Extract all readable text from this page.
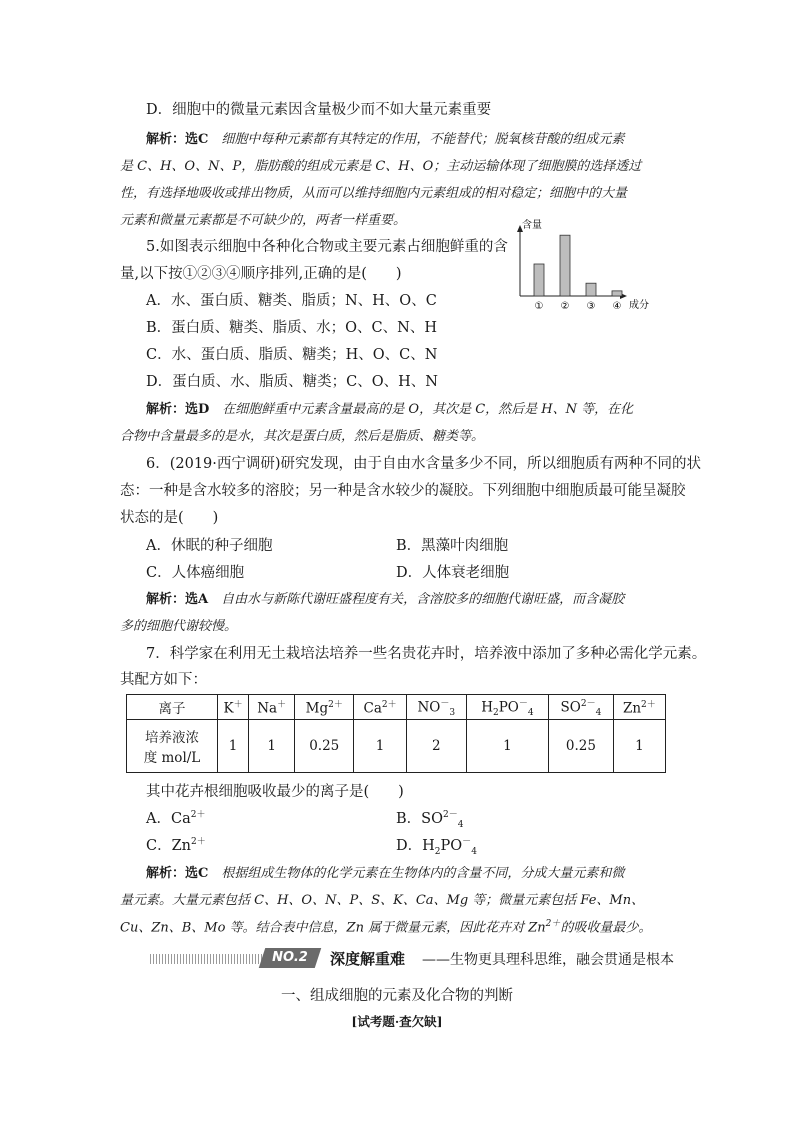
D．细胞中的微量元素因含量极少而不如大量元素重要
解析：选C　 细胞中每种元素都有其特定的作用，不能替代；脱氧核苷酸的组成元素
是 C、H、O、N、P，脂肪酸的组成元素是 C、H、O；主动运输体现了细胞膜的选择透过
性，有选择地吸收或排出物质，从而可以维持细胞内元素组成的相对稳定；细胞中的大量
元素和微量元素都是不可缺少的，两者一样重要。
5.如图表示细胞中各种化合物或主要元素占细胞鲜重的含
量,以下按①②③④顺序排列,正确的是(　　)
A．水、蛋白质、糖类、脂质；N、H、O、C
B．蛋白质、糖类、脂质、水；O、C、N、H
C．水、蛋白质、脂质、糖类；H、O、C、N
D．蛋白质、水、脂质、糖类；C、O、H、N
含量
成分
① ② ③ ④
解析：选D　 在细胞鲜重中元素含量最高的是 O，其次是 C，然后是 H、N 等，在化
合物中含量最多的是水，其次是蛋白质，然后是脂质、糖类等。
6．(2019·西宁调研)研究发现，由于自由水含量多少不同，所以细胞质有两种不同的状
态：一种是含水较多的溶胶；另一种是含水较少的凝胶。下列细胞中细胞质最可能呈凝胶
状态的是(　　)
A．休眠的种子细胞	B．黑藻叶肉细胞
C．人体癌细胞	D．人体衰老细胞
解析：选A　 自由水与新陈代谢旺盛程度有关，含溶胶多的细胞代谢旺盛，而含凝胶
多的细胞代谢较慢。
7．科学家在利用无土栽培法培养一些名贵花卉时，培养液中添加了多种必需化学元素。
其配方如下：
离子	K＋	Na＋	$Mg^{2+}$	$Ca^{2+}$	$NO^-_3$	$H_2PO^-_4$	$SO^{2-}_4$	$Zn^{2+}$

培养液浓
度 mol/L	1	1	0.25	1	2	1	0.25	1
其中花卉根细胞吸收最少的离子是(　　)
A．$Ca^{2+}$	B．$SO^{2-}_4$
C．$Zn^{2+}$	D．$H_2PO^-_4$
解析：选C　 根据组成生物体的化学元素在生物体内的含量不同，分成大量元素和微
量元素。大量元素包括 C、H、O、N、P、S、K、Ca、Mg 等；微量元素包括 Fe、Mn、
Cu、Zn、B、Mo 等。结合表中信息，Zn 属于微量元素，因此花卉对 $Zn^{2+}$的吸收量最少。
NO.2	深度解重难 ——生物更具理科思维，融会贯通是根本
一、组成细胞的元素及化合物的判断
[试考题·查欠缺]
